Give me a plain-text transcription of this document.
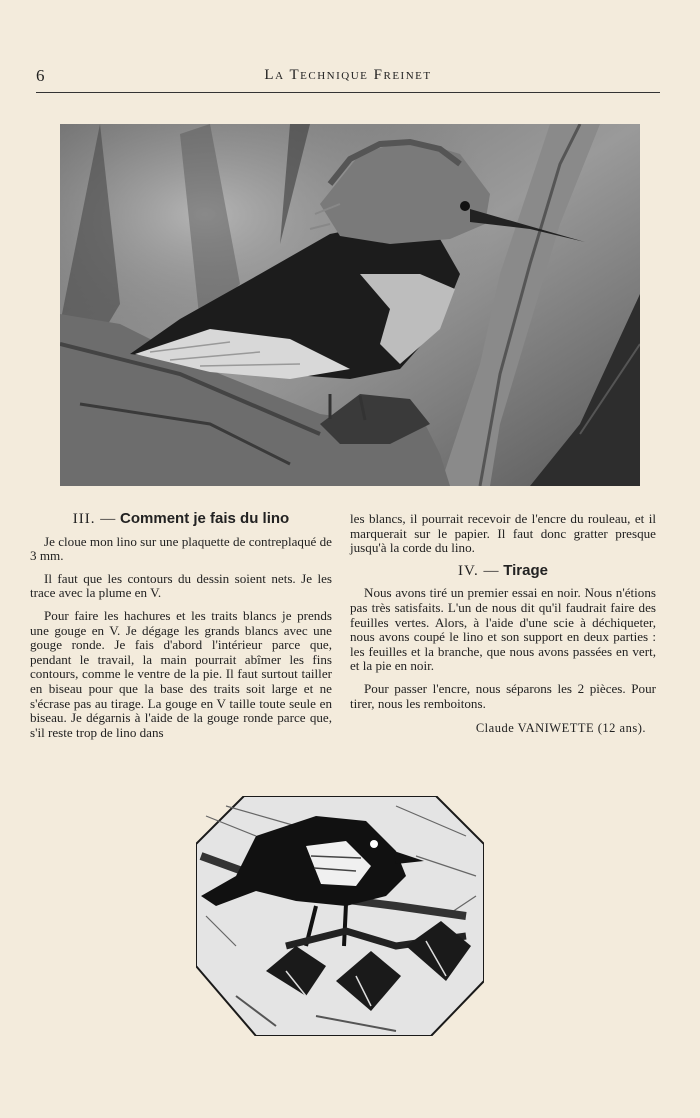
6	La Technique Freinet
III. — Comment je fais du lino

Je cloue mon lino sur une plaquette de contreplaqué de 3 mm.

Il faut que les contours du dessin soient nets. Je les trace avec la plume en V.

Pour faire les hachures et les traits blancs je prends une gouge en V. Je dégage les grands blancs avec une gouge ronde. Je fais d'abord l'intérieur parce que, pendant le travail, la main pourrait abîmer les fins contours, comme le ventre de la pie. Il faut surtout tailler en biseau pour que la base des traits soit large et ne s'écrase pas au tirage. La gouge en V taille toute seule en biseau. Je dégarnis à l'aide de la gouge ronde parce que, s'il reste trop de lino dans

les blancs, il pourrait recevoir de l'encre du rouleau, et il marquerait sur le papier. Il faut donc gratter presque jusqu'à la corde du lino.

IV. — Tirage

Nous avons tiré un premier essai en noir. Nous n'étions pas très satisfaits. L'un de nous dit qu'il faudrait faire des feuilles vertes. Alors, à l'aide d'une scie à déchiqueter, nous avons coupé le lino et son support en deux parties : les feuilles et la branche, que nous avons passées en vert, et la pie en noir.

Pour passer l'encre, nous séparons les 2 pièces. Pour tirer, nous les remboitons.

Claude VANIWETTE (12 ans).
